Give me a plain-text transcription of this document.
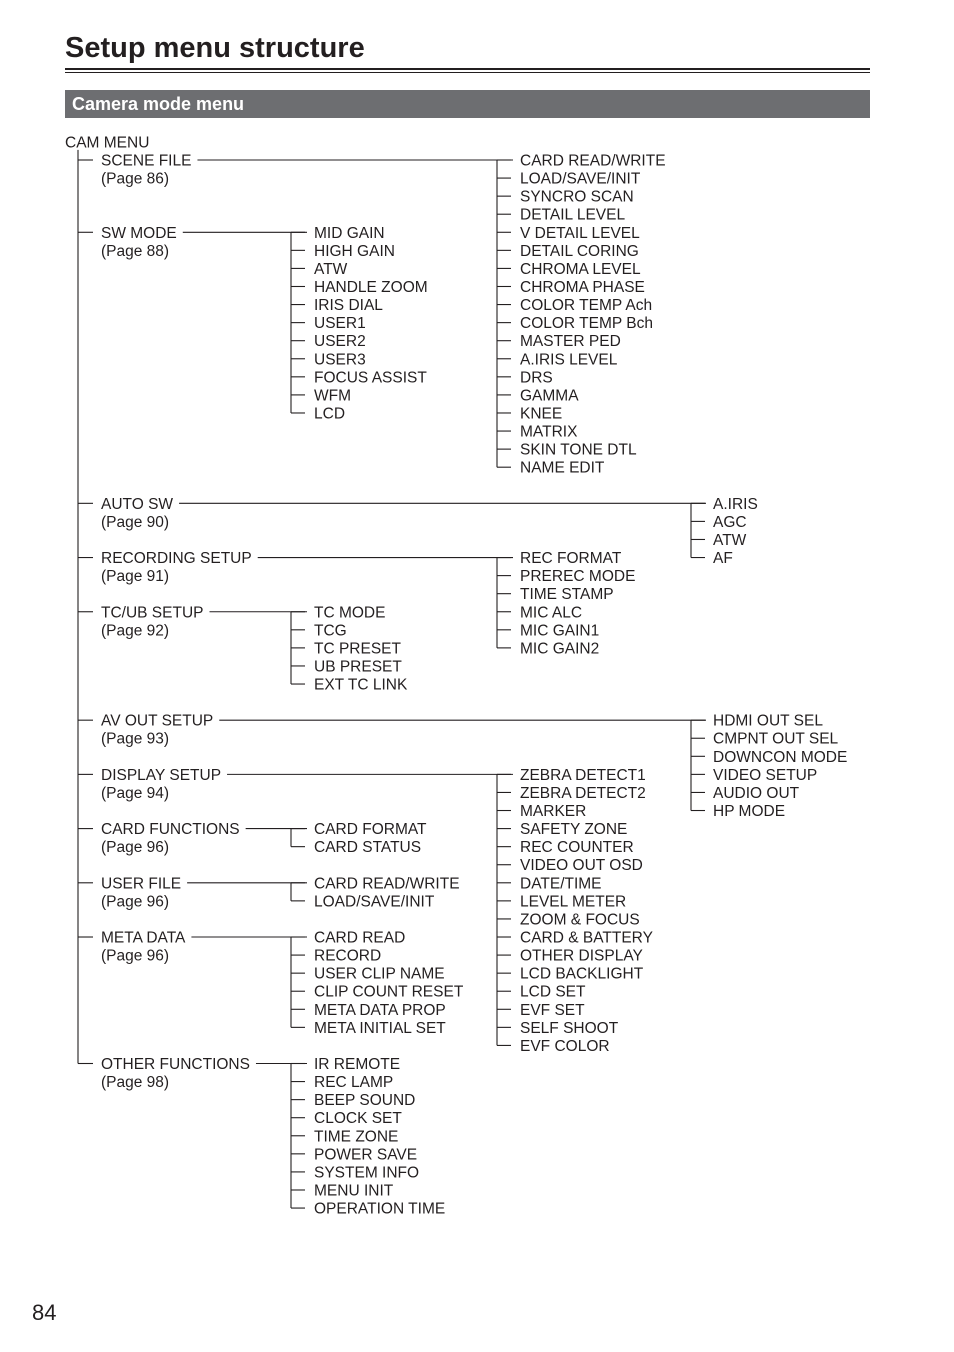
Setup menu structure
Camera mode menu
CAM MENU
SCENE FILE
(Page 86)
CARD READ/WRITE
LOAD/SAVE/INIT
SYNCRO SCAN
DETAIL LEVEL
V DETAIL LEVEL
DETAIL CORING
CHROMA LEVEL
CHROMA PHASE
COLOR TEMP Ach
COLOR TEMP Bch
MASTER PED
A.IRIS LEVEL
DRS
GAMMA
KNEE
MATRIX
SKIN TONE DTL
NAME EDIT
SW MODE
(Page 88)
MID GAIN
HIGH GAIN
ATW
HANDLE ZOOM
IRIS DIAL
USER1
USER2
USER3
FOCUS ASSIST
WFM
LCD
AUTO SW
(Page 90)
A.IRIS
AGC
ATW
AF
RECORDING SETUP
(Page 91)
REC FORMAT
PREREC MODE
TIME STAMP
MIC ALC
MIC GAIN1
MIC GAIN2
TC/UB SETUP
(Page 92)
TC MODE
TCG
TC PRESET
UB PRESET
EXT TC LINK
AV OUT SETUP
(Page 93)
HDMI OUT SEL
CMPNT OUT SEL
DOWNCON MODE
VIDEO SETUP
AUDIO OUT
HP MODE
DISPLAY SETUP
(Page 94)
ZEBRA DETECT1
ZEBRA DETECT2
MARKER
SAFETY ZONE
REC COUNTER
VIDEO OUT OSD
DATE/TIME
LEVEL METER
ZOOM & FOCUS
CARD & BATTERY
OTHER DISPLAY
LCD BACKLIGHT
LCD SET
EVF SET
SELF SHOOT
EVF COLOR
CARD FUNCTIONS
(Page 96)
CARD FORMAT
CARD STATUS
USER FILE
(Page 96)
CARD READ/WRITE
LOAD/SAVE/INIT
META DATA
(Page 96)
CARD READ
RECORD
USER CLIP NAME
CLIP COUNT RESET
META DATA PROP
META INITIAL SET
OTHER FUNCTIONS
(Page 98)
IR REMOTE
REC LAMP
BEEP SOUND
CLOCK SET
TIME ZONE
POWER SAVE
SYSTEM INFO
MENU INIT
OPERATION TIME
84
